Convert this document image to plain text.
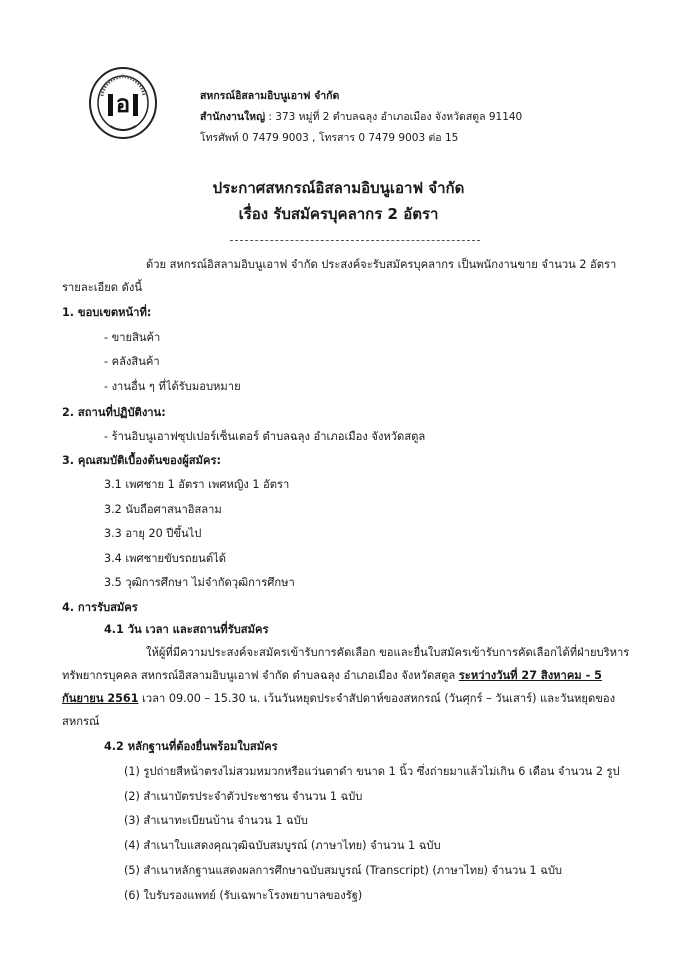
อ	สหกรณ์อิสลามอิบนูเอาฟ จำกัด
สำนักงานใหญ่ : 373 หมู่ที่ 2 ตำบลฉลุง อำเภอเมือง จังหวัดสตูล 91140
โทรศัพท์ 0 7479 9003 , โทรสาร 0 7479 9003 ต่อ 15
ประกาศสหกรณ์อิสลามอิบนูเอาฟ จำกัด
เรื่อง รับสมัครบุคลากร 2 อัตรา
ด้วย สหกรณ์อิสลามอิบนูเอาฟ จำกัด ประสงค์จะรับสมัครบุคลากร เป็นพนักงานขาย จำนวน 2 อัตรา
รายละเอียด ดังนี้
1. ขอบเขตหน้าที่:
- ขายสินค้า
- คลังสินค้า
- งานอื่น ๆ ที่ได้รับมอบหมาย
2. สถานที่ปฏิบัติงาน:
- ร้านอิบนูเอาฟซุปเปอร์เซ็นเตอร์ ตำบลฉลุง อำเภอเมือง จังหวัดสตูล
3. คุณสมบัติเบื้องต้นของผู้สมัคร:
3.1 เพศชาย 1 อัตรา เพศหญิง 1 อัตรา
3.2 นับถือศาสนาอิสลาม
3.3 อายุ 20 ปีขึ้นไป
3.4 เพศชายขับรถยนต์ได้
3.5 วุฒิการศึกษา ไม่จำกัดวุฒิการศึกษา
4. การรับสมัคร
4.1 วัน เวลา และสถานที่รับสมัคร
ให้ผู้ที่มีความประสงค์จะสมัครเข้ารับการคัดเลือก ขอและยื่นใบสมัครเข้ารับการคัดเลือกได้ที่ฝ่ายบริหาร
ทรัพยากรบุคคล สหกรณ์อิสลามอิบนูเอาฟ จำกัด ตำบลฉลุง อำเภอเมือง จังหวัดสตูล ระหว่างวันที่ 27 สิงหาคม - 5
กันยายน 2561 เวลา 09.00 – 15.30 น. เว้นวันหยุดประจำสัปดาห์ของสหกรณ์ (วันศุกร์ – วันเสาร์) และวันหยุดของ
สหกรณ์
4.2 หลักฐานที่ต้องยื่นพร้อมใบสมัคร
(1) รูปถ่ายสีหน้าตรงไม่สวมหมวกหรือแว่นตาดำ ขนาด 1 นิ้ว ซึ่งถ่ายมาแล้วไม่เกิน 6 เดือน จำนวน 2 รูป
(2) สำเนาบัตรประจำตัวประชาชน จำนวน 1 ฉบับ
(3) สำเนาทะเบียนบ้าน จำนวน 1 ฉบับ
(4) สำเนาใบแสดงคุณวุฒิฉบับสมบูรณ์ (ภาษาไทย) จำนวน 1 ฉบับ
(5) สำเนาหลักฐานแสดงผลการศึกษาฉบับสมบูรณ์ (Transcript) (ภาษาไทย) จำนวน 1 ฉบับ
(6) ใบรับรองแพทย์ (รับเฉพาะโรงพยาบาลของรัฐ)
